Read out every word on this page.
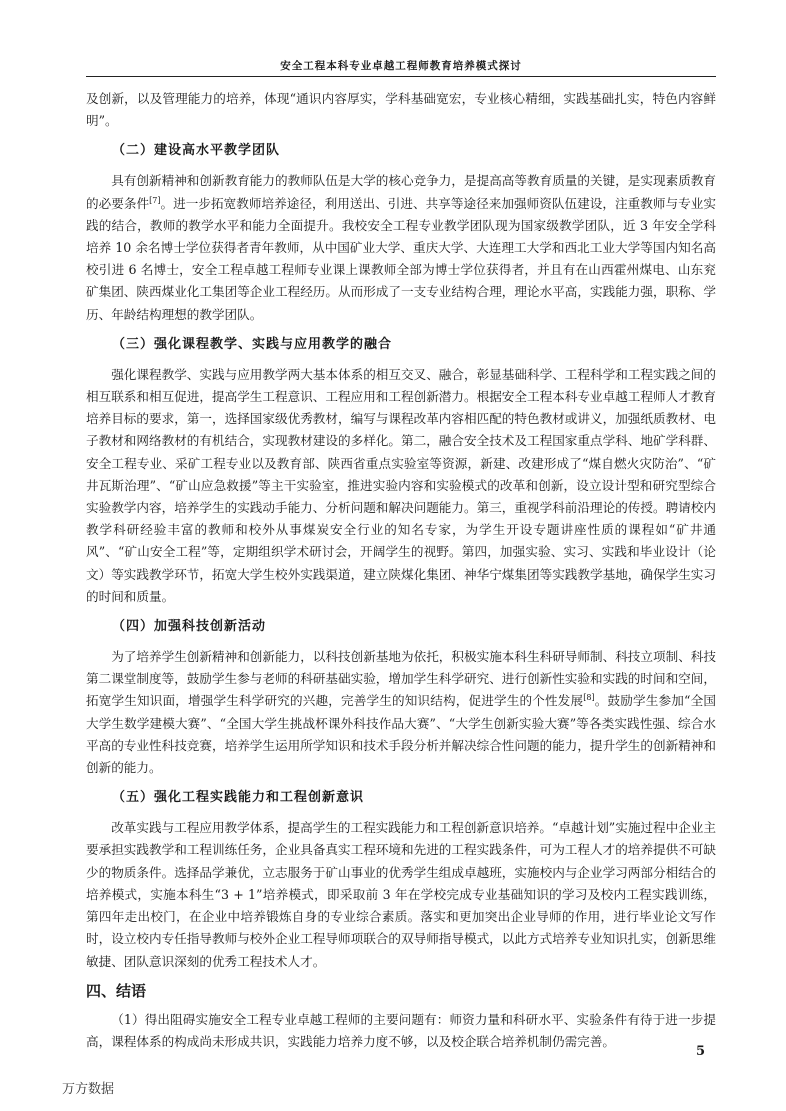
安全工程本科专业卓越工程师教育培养模式探讨

及创新，以及管理能力的培养，体现“通识内容厚实，学科基础宽宏，专业核心精细，实践基础扎实，特色内容鲜明”。

（二）建设高水平教学团队

具有创新精神和创新教育能力的教师队伍是大学的核心竞争力，是提高高等教育质量的关键，是实现素质教育的必要条件[7]。进一步拓宽教师培养途径，利用送出、引进、共享等途径来加强师资队伍建设，注重教师与专业实践的结合，教师的教学水平和能力全面提升。我校安全工程专业教学团队现为国家级教学团队，近 3 年安全学科培养 10 余名博士学位获得者青年教师，从中国矿业大学、重庆大学、大连理工大学和西北工业大学等国内知名高校引进 6 名博士，安全工程卓越工程师专业课上课教师全部为博士学位获得者，并且有在山西霍州煤电、山东兖矿集团、陕西煤业化工集团等企业工程经历。从而形成了一支专业结构合理，理论水平高，实践能力强，职称、学历、年龄结构理想的教学团队。

（三）强化课程教学、实践与应用教学的融合

强化课程教学、实践与应用教学两大基本体系的相互交叉、融合，彰显基础科学、工程科学和工程实践之间的相互联系和相互促进，提高学生工程意识、工程应用和工程创新潜力。根据安全工程本科专业卓越工程师人才教育培养目标的要求，第一，选择国家级优秀教材，编写与课程改革内容相匹配的特色教材或讲义，加强纸质教材、电子教材和网络教材的有机结合，实现教材建设的多样化。第二，融合安全技术及工程国家重点学科、地矿学科群、安全工程专业、采矿工程专业以及教育部、陕西省重点实验室等资源，新建、改建形成了“煤自燃火灾防治”、“矿井瓦斯治理”、“矿山应急救援”等主干实验室，推进实验内容和实验模式的改革和创新，设立设计型和研究型综合实验教学内容，培养学生的实践动手能力、分析问题和解决问题能力。第三，重视学科前沿理论的传授。聘请校内教学科研经验丰富的教师和校外从事煤炭安全行业的知名专家，为学生开设专题讲座性质的课程如“矿井通风”、“矿山安全工程”等，定期组织学术研讨会，开阔学生的视野。第四，加强实验、实习、实践和毕业设计（论文）等实践教学环节，拓宽大学生校外实践渠道，建立陕煤化集团、神华宁煤集团等实践教学基地，确保学生实习的时间和质量。

（四）加强科技创新活动

为了培养学生创新精神和创新能力，以科技创新基地为依托，积极实施本科生科研导师制、科技立项制、科技第二课堂制度等，鼓励学生参与老师的科研基础实验，增加学生科学研究、进行创新性实验和实践的时间和空间，拓宽学生知识面，增强学生科学研究的兴趣，完善学生的知识结构，促进学生的个性发展[8]。鼓励学生参加“全国大学生数学建模大赛”、“全国大学生挑战杯课外科技作品大赛”、“大学生创新实验大赛”等各类实践性强、综合水平高的专业性科技竞赛，培养学生运用所学知识和技术手段分析并解决综合性问题的能力，提升学生的创新精神和创新的能力。

（五）强化工程实践能力和工程创新意识

改革实践与工程应用教学体系，提高学生的工程实践能力和工程创新意识培养。“卓越计划”实施过程中企业主要承担实践教学和工程训练任务，企业具备真实工程环境和先进的工程实践条件，可为工程人才的培养提供不可缺少的物质条件。选择品学兼优，立志服务于矿山事业的优秀学生组成卓越班，实施校内与企业学习两部分相结合的培养模式，实施本科生“3 + 1”培养模式，即采取前 3 年在学校完成专业基础知识的学习及校内工程实践训练，第四年走出校门，在企业中培养锻炼自身的专业综合素质。落实和更加突出企业导师的作用，进行毕业论文写作时，设立校内专任指导教师与校外企业工程导师项联合的双导师指导模式，以此方式培养专业知识扎实，创新思维敏捷、团队意识深刻的优秀工程技术人才。

四、结语

（1）得出阻碍实施安全工程专业卓越工程师的主要问题有：师资力量和科研水平、实验条件有待于进一步提高，课程体系的构成尚未形成共识，实践能力培养力度不够，以及校企联合培养机制仍需完善。

5
万方数据
